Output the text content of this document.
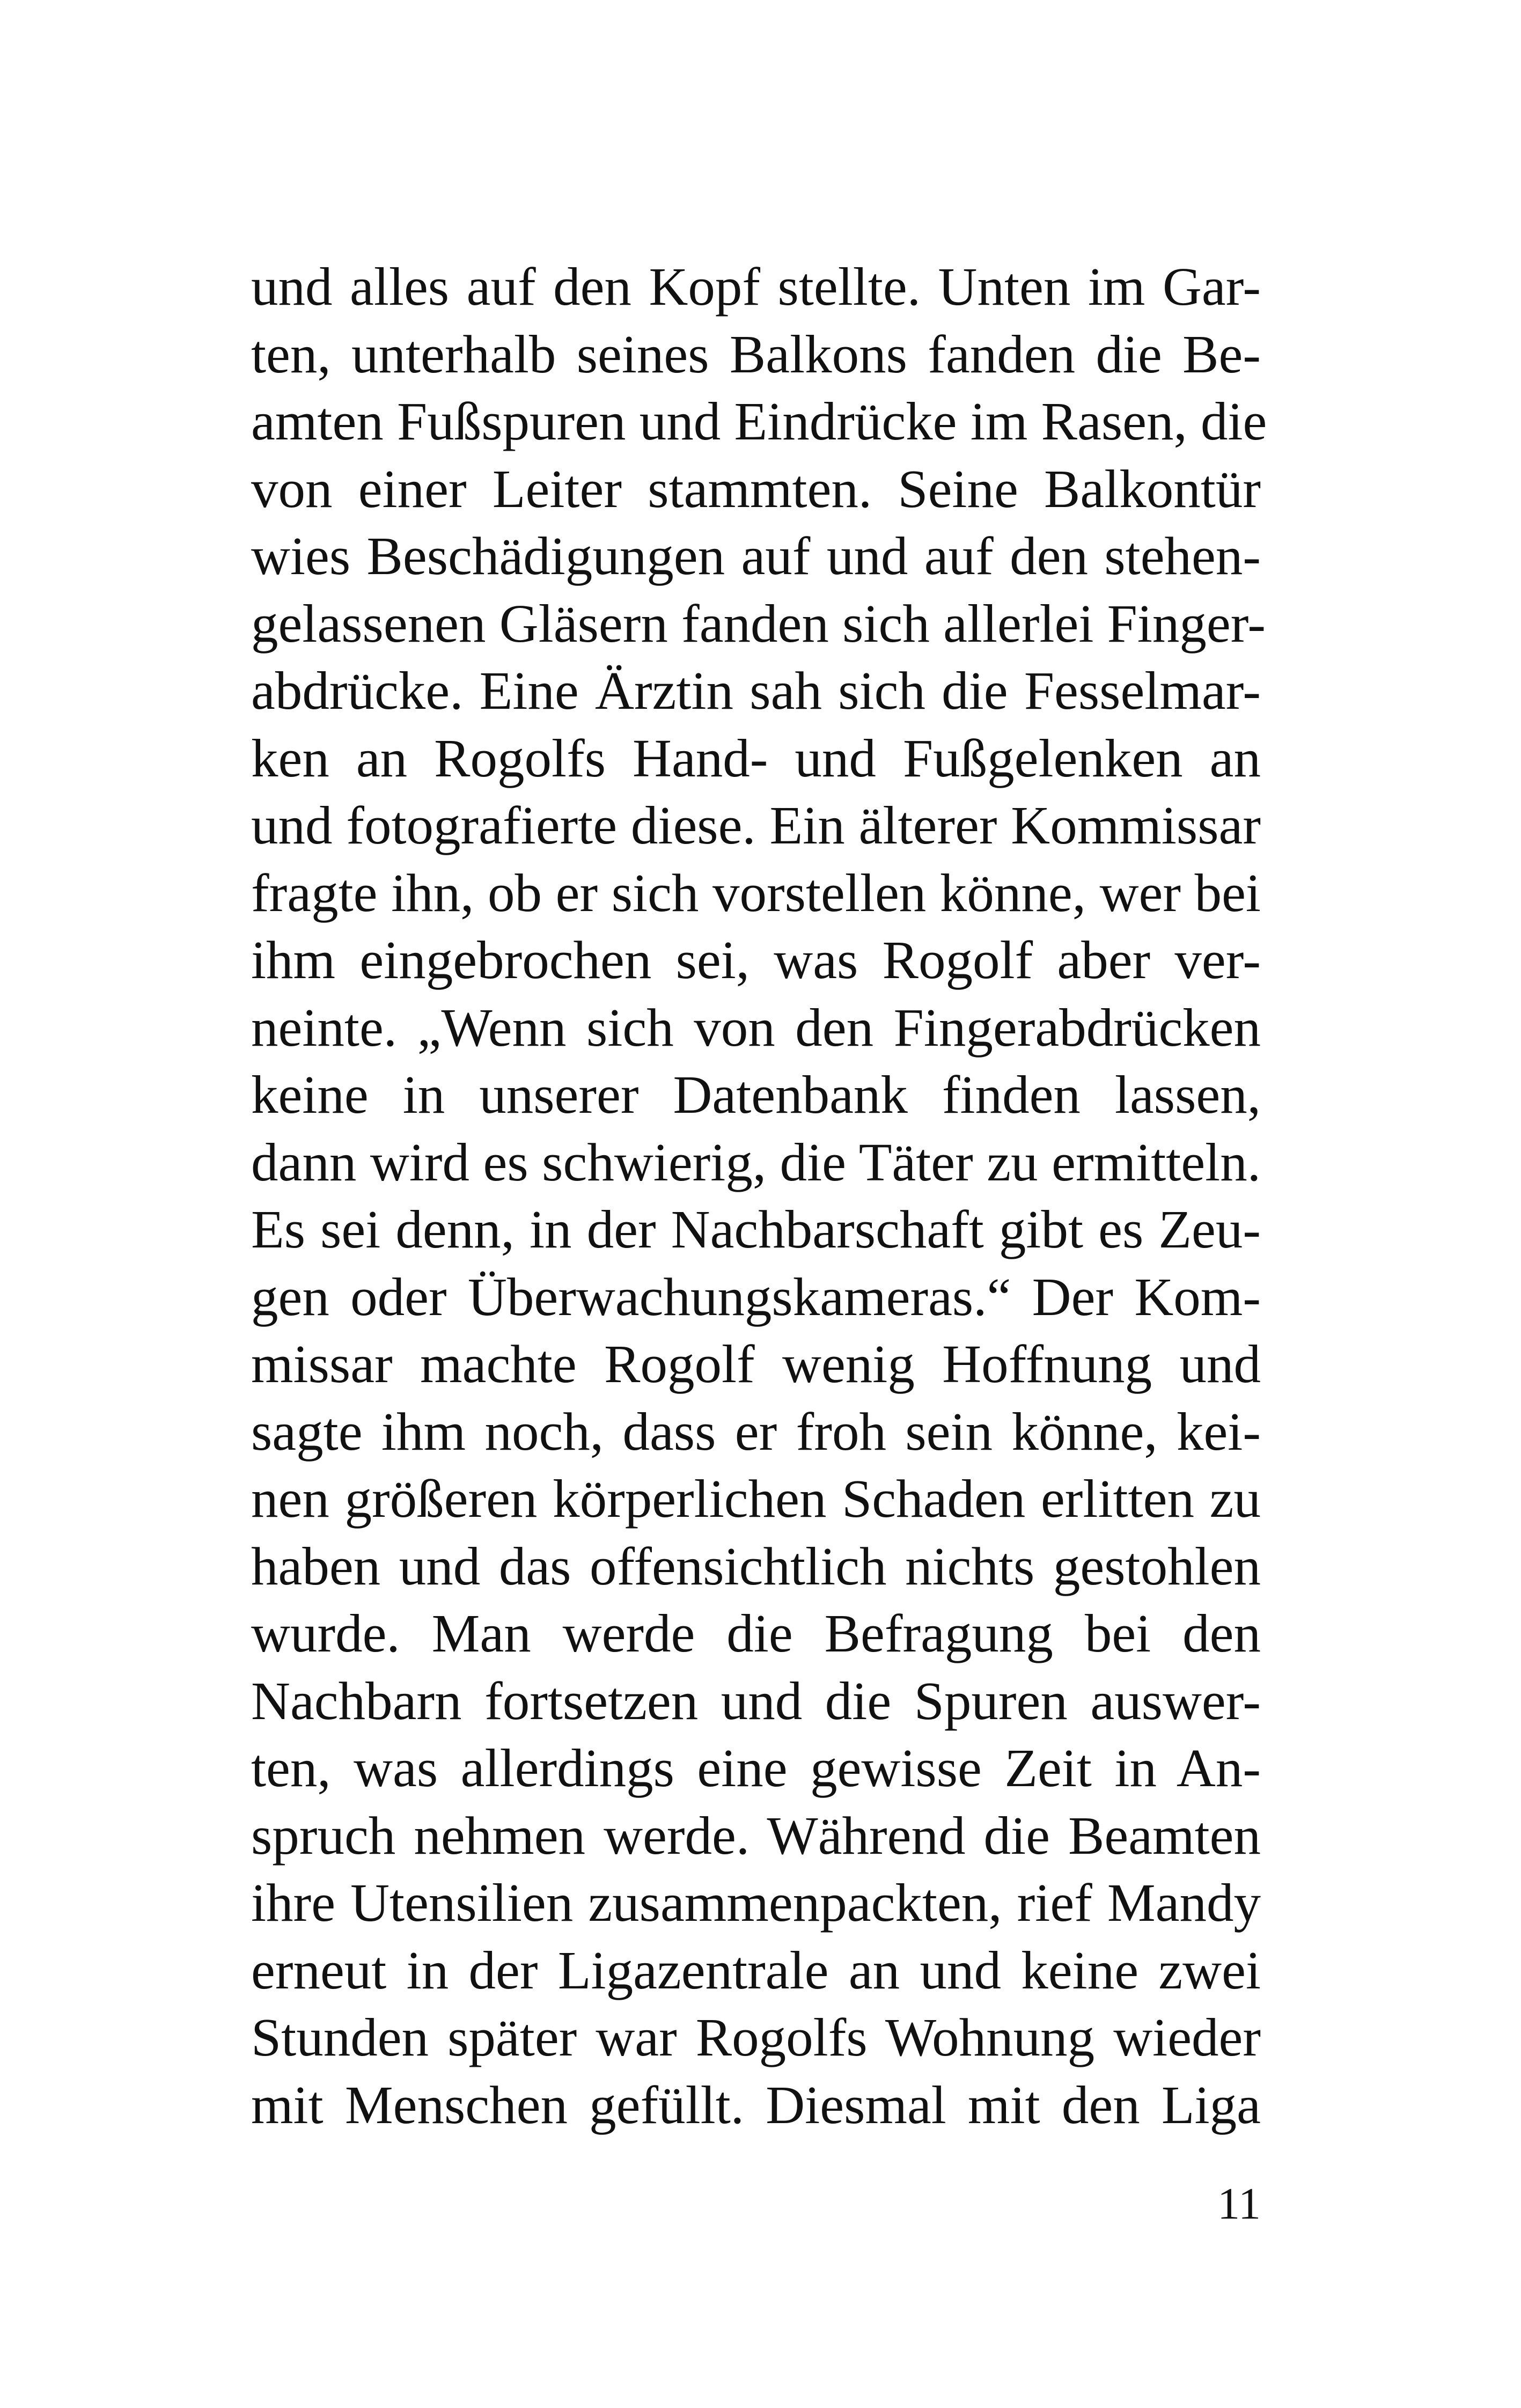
und alles auf den Kopf stellte. Unten im Gar-
ten, unterhalb seines Balkons fanden die Be-
amten Fußspuren und Eindrücke im Rasen, die
von einer Leiter stammten. Seine Balkontür
wies Beschädigungen auf und auf den stehen-
gelassenen Gläsern fanden sich allerlei Finger-
abdrücke. Eine Ärztin sah sich die Fesselmar-
ken an Rogolfs Hand- und Fußgelenken an
und fotografierte diese. Ein älterer Kommissar
fragte ihn, ob er sich vorstellen könne, wer bei
ihm eingebrochen sei, was Rogolf aber ver-
neinte. „Wenn sich von den Fingerabdrücken
keine in unserer Datenbank finden lassen,
dann wird es schwierig, die Täter zu ermitteln.
Es sei denn, in der Nachbarschaft gibt es Zeu-
gen oder Überwachungskameras.“ Der Kom-
missar machte Rogolf wenig Hoffnung und
sagte ihm noch, dass er froh sein könne, kei-
nen größeren körperlichen Schaden erlitten zu
haben und das offensichtlich nichts gestohlen
wurde. Man werde die Befragung bei den
Nachbarn fortsetzen und die Spuren auswer-
ten, was allerdings eine gewisse Zeit in An-
spruch nehmen werde. Während die Beamten
ihre Utensilien zusammenpackten, rief Mandy
erneut in der Ligazentrale an und keine zwei
Stunden später war Rogolfs Wohnung wieder
mit Menschen gefüllt. Diesmal mit den Liga
11
